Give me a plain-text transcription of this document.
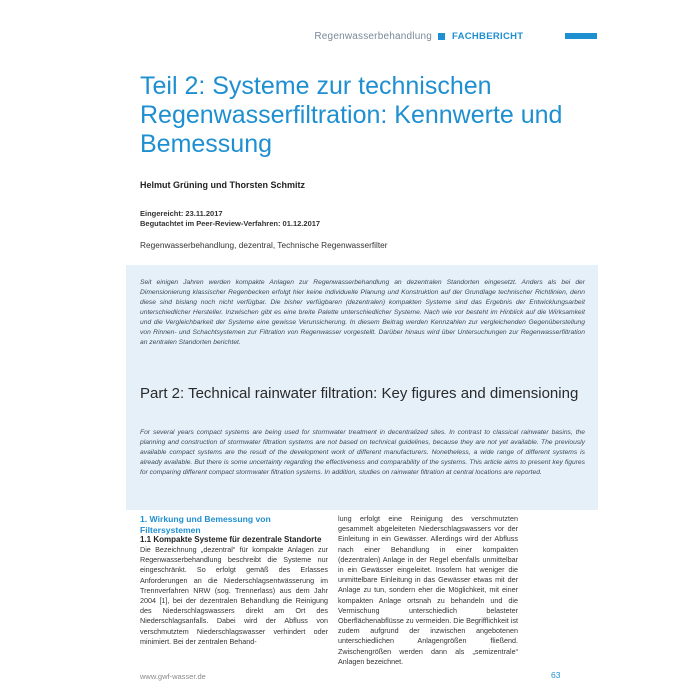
Regenwasserbehandlung FACHBERICHT
Teil 2: Systeme zur technischen Regenwasserfiltration: Kennwerte und Bemessung
Helmut Grüning und Thorsten Schmitz
Eingereicht: 23.11.2017
Begutachtet im Peer-Review-Verfahren: 01.12.2017
Regenwasserbehandlung, dezentral, Technische Regenwasserfilter

Seit einigen Jahren werden kompakte Anlagen zur Regenwasserbehandlung an dezentralen Standorten eingesetzt. Anders als bei der Dimensionierung klassischer Regenbecken erfolgt hier keine individuelle Planung und Konstruktion auf der Grundlage technischer Richtlinien, denn diese sind bislang noch nicht verfügbar. Die bisher verfügbaren (dezentralen) kompakten Systeme sind das Ergebnis der Entwicklungsarbeit unterschiedlicher Hersteller. Inzwischen gibt es eine breite Palette unterschiedlicher Systeme. Nach wie vor besteht im Hinblick auf die Wirksamkeit und die Vergleichbarkeit der Systeme eine gewisse Verunsicherung. In diesem Beitrag werden Kennzahlen zur vergleichenden Gegenüberstellung von Rinnen- und Schachtsystemen zur Filtration von Regenwasser vorgestellt. Darüber hinaus wird über Untersuchungen zur Regenwasserfiltration an zentralen Standorten berichtet.

Part 2: Technical rainwater filtration: Key figures and dimensioning

For several years compact systems are being used for stormwater treatment in decentralized sites. In contrast to classical rainwater basins, the planning and construction of stormwater filtration systems are not based on technical guidelines, because they are not yet available. The previously available compact systems are the result of the development work of different manufacturers. Nonetheless, a wide range of different systems is already available. But there is some uncertainty regarding the effectiveness and comparability of the systems. This article aims to present key figures for comparing different compact stormwater filtration systems. In addition, studies on rainwater filtration at central locations are reported.

1. Wirkung und Bemessung von Filtersystemen
1.1 Kompakte Systeme für dezentrale Standorte

Die Bezeichnung „dezentral“ für kompakte Anlagen zur Regenwasserbehandlung beschreibt die Systeme nur eingeschränkt. So erfolgt gemäß des Erlasses Anforderungen an die Niederschlagsentwässerung im Trennverfahren NRW (sog. Trennerlass) aus dem Jahr 2004 [1], bei der dezentralen Behandlung die Reinigung des Niederschlagswassers direkt am Ort des Niederschlagsanfalls. Dabei wird der Abfluss von verschmutztem Niederschlagswasser verhindert oder minimiert. Bei der zentralen Behand-

lung erfolgt eine Reinigung des verschmutzten gesammelt abgeleiteten Niederschlagswassers vor der Einleitung in ein Gewässer. Allerdings wird der Abfluss nach einer Behandlung in einer kompakten (dezentralen) Anlage in der Regel ebenfalls unmittelbar in ein Gewässer eingeleitet. Insofern hat weniger die unmittelbare Einleitung in das Gewässer etwas mit der Anlage zu tun, sondern eher die Möglichkeit, mit einer kompakten Anlage ortsnah zu behandeln und die Vermischung unterschiedlich belasteter Oberflächenabflüsse zu vermeiden. Die Begrifflichkeit ist zudem aufgrund der inzwischen angebotenen unterschiedlichen Anlagengrößen fließend. Zwischengrößen werden dann als „semizentrale“ Anlagen bezeichnet.

www.gwf-wasser.de	63
